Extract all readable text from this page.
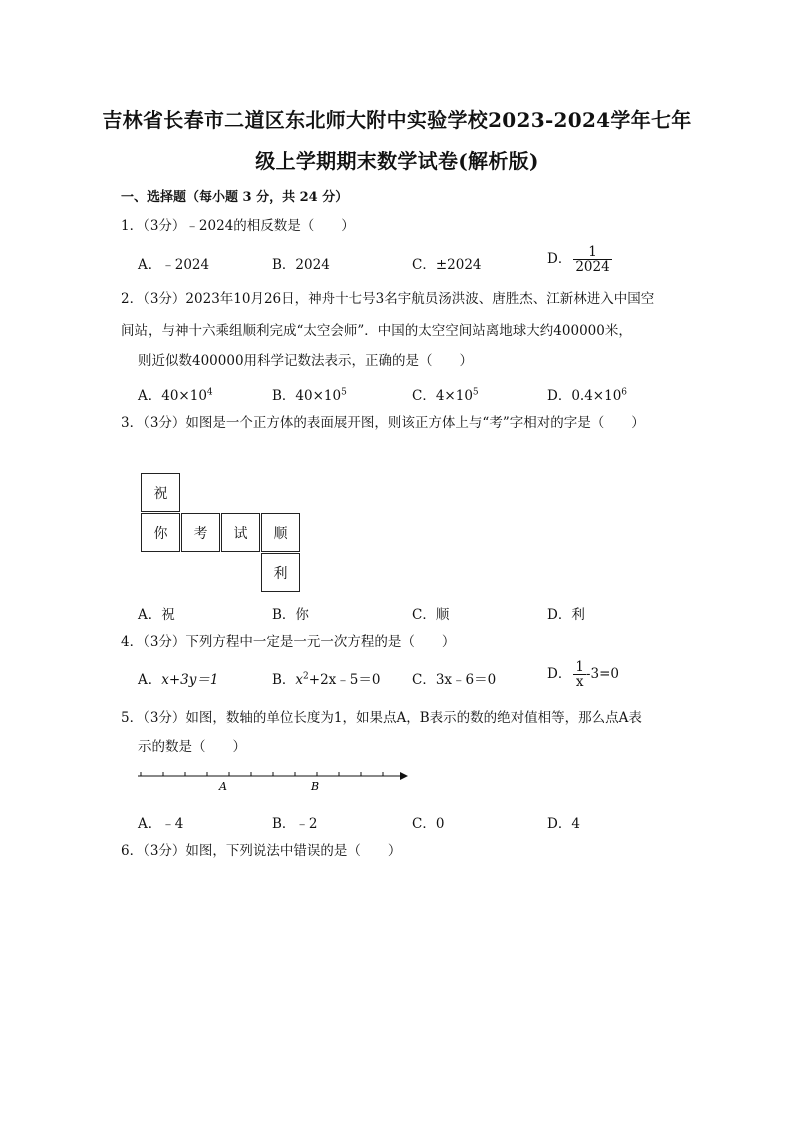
吉林省长春市二道区东北师大附中实验学校2023-2024学年七年
级上学期期末数学试卷(解析版)
一、选择题（每小题 3 分，共 24 分）
1．（3分）﹣2024的相反数是（　　）
A．﹣2024	B．2024	C．±2024	D． $\frac{1}{2024}$
2．（3分）2023年10月26日，神舟十七号3名宇航员汤洪波、唐胜杰、江新林进入中国空
间站，与神十六乘组顺利完成“太空会师”．中国的太空空间站离地球大约400000米，
则近似数400000用科学记数法表示，正确的是（　　）
A．$40\times 10^4$	B．$40\times 10^5$	C．$4\times 10^5$	D．$0.4\times 10^6$
3．（3分）如图是一个正方体的表面展开图，则该正方体上与“考”字相对的字是（　　）
祝
你	考	试	顺
利
A．祝	B．你	C．顺	D．利
4．（3分）下列方程中一定是一元一次方程的是（　　）
A．x+3y＝1	B．$x^2+2x﹣5=0$ C．3x﹣6＝0	D． $\frac{1}{x} -3=0$
5．（3分）如图，数轴的单位长度为1，如果点A，B表示的数的绝对值相等，那么点A表
示的数是（　　）
A	B
A．﹣4	B．﹣2	C．0	D．4
6．（3分）如图，下列说法中错误的是（　　）
